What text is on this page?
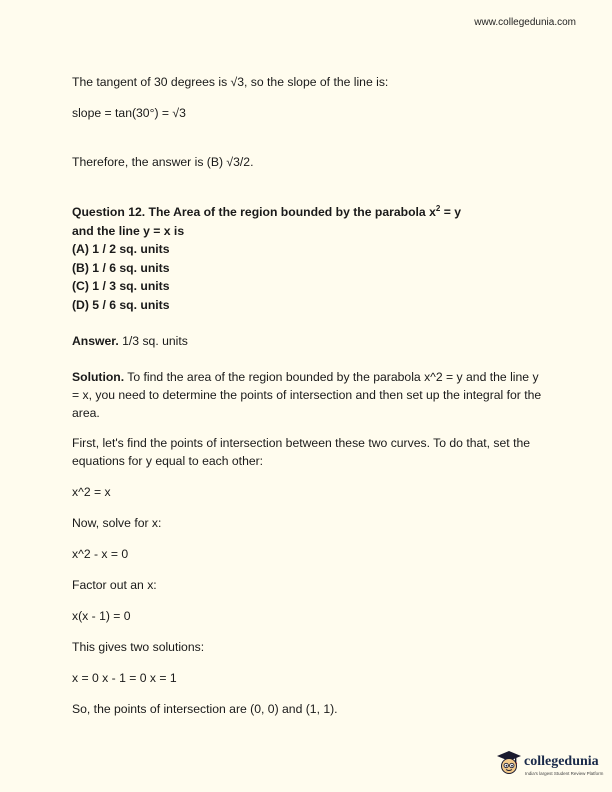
www.collegedunia.com

The tangent of 30 degrees is √3, so the slope of the line is:

slope = tan(30°) = √3

Therefore, the answer is (B) √3/2.

Question 12. The Area of the region bounded by the parabola $x^2 = y$

and the line y = x is

(A) 1 / 2 sq. units

(B) 1 / 6 sq. units

(C) 1 / 3 sq. units

(D) 5 / 6 sq. units

Answer. 1/3 sq. units

Solution. To find the area of the region bounded by the parabola x^2 = y and the line y = x, you need to determine the points of intersection and then set up the integral for the area.

First, let's find the points of intersection between these two curves. To do that, set the equations for y equal to each other:

x^2 = x

Now, solve for x:

x^2 - x = 0

Factor out an x:

x(x - 1) = 0

This gives two solutions:

x = 0 x - 1 = 0 x = 1

So, the points of intersection are (0, 0) and (1, 1).

collegedunia
India's largest Student Review Platform
